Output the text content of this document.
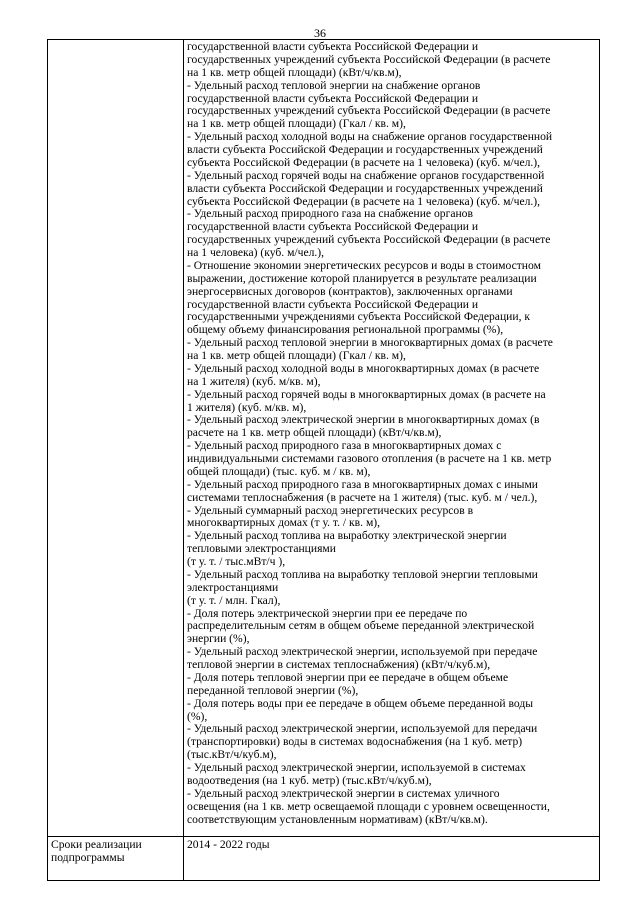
36
государственной власти субъекта Российской Федерации и
государственных учреждений субъекта Российской Федерации (в расчете
на 1 кв. метр общей площади) (кВт/ч/кв.м),
- Удельный расход тепловой энергии на снабжение органов
государственной власти субъекта Российской Федерации и
государственных учреждений субъекта Российской Федерации (в расчете
на 1 кв. метр общей площади) (Гкал / кв. м),
- Удельный расход холодной воды на снабжение органов государственной
власти субъекта Российской Федерации и государственных учреждений
субъекта Российской Федерации (в расчете на 1 человека) (куб. м/чел.),
- Удельный расход горячей воды на снабжение органов государственной
власти субъекта Российской Федерации и государственных учреждений
субъекта Российской Федерации (в расчете на 1 человека) (куб. м/чел.),
- Удельный расход природного газа на снабжение органов
государственной власти субъекта Российской Федерации и
государственных учреждений субъекта Российской Федерации (в расчете
на 1 человека) (куб. м/чел.),
- Отношение экономии энергетических ресурсов и воды в стоимостном
выражении, достижение которой планируется в результате реализации
энергосервисных договоров (контрактов), заключенных органами
государственной власти субъекта Российской Федерации и
государственными учреждениями субъекта Российской Федерации, к
общему объему финансирования региональной программы (%),
- Удельный расход тепловой энергии в многоквартирных домах (в расчете
на 1 кв. метр общей площади) (Гкал / кв. м),
- Удельный расход холодной воды в многоквартирных домах (в расчете
на 1 жителя) (куб. м/кв. м),
- Удельный расход горячей воды в многоквартирных домах (в расчете на
1 жителя) (куб. м/кв. м),
- Удельный расход электрической энергии в многоквартирных домах (в
расчете на 1 кв. метр общей площади) (кВт/ч/кв.м),
- Удельный расход природного газа в многоквартирных домах с
индивидуальными системами газового отопления (в расчете на 1 кв. метр
общей площади) (тыс. куб. м / кв. м),
- Удельный расход природного газа в многоквартирных домах с иными
системами теплоснабжения (в расчете на 1 жителя) (тыс. куб. м / чел.),
- Удельный суммарный расход энергетических ресурсов в
многоквартирных домах (т у. т. / кв. м),
- Удельный расход топлива на выработку электрической энергии
тепловыми электростанциями
(т у. т. / тыс.мВт/ч ),
- Удельный расход топлива на выработку тепловой энергии тепловыми
электростанциями
(т у. т. / млн. Гкал),
- Доля потерь электрической энергии при ее передаче по
распределительным сетям в общем объеме переданной электрической
энергии (%),
- Удельный расход электрической энергии, используемой при передаче
тепловой энергии в системах теплоснабжения) (кВт/ч/куб.м),
- Доля потерь тепловой энергии при ее передаче в общем объеме
переданной тепловой энергии (%),
- Доля потерь воды при ее передаче в общем объеме переданной воды
(%),
- Удельный расход электрической энергии, используемой для передачи
(транспортировки) воды в системах водоснабжения (на 1 куб. метр)
(тыс.кВт/ч/куб.м),
- Удельный расход электрической энергии, используемой в системах
водоотведения (на 1 куб. метр) (тыс.кВт/ч/куб.м),
- Удельный расход электрической энергии в системах уличного
освещения (на 1 кв. метр освещаемой площади с уровнем освещенности,
соответствующим установленным нормативам) (кВт/ч/кв.м).
Сроки реализации
подпрограммы
2014 - 2022 годы
